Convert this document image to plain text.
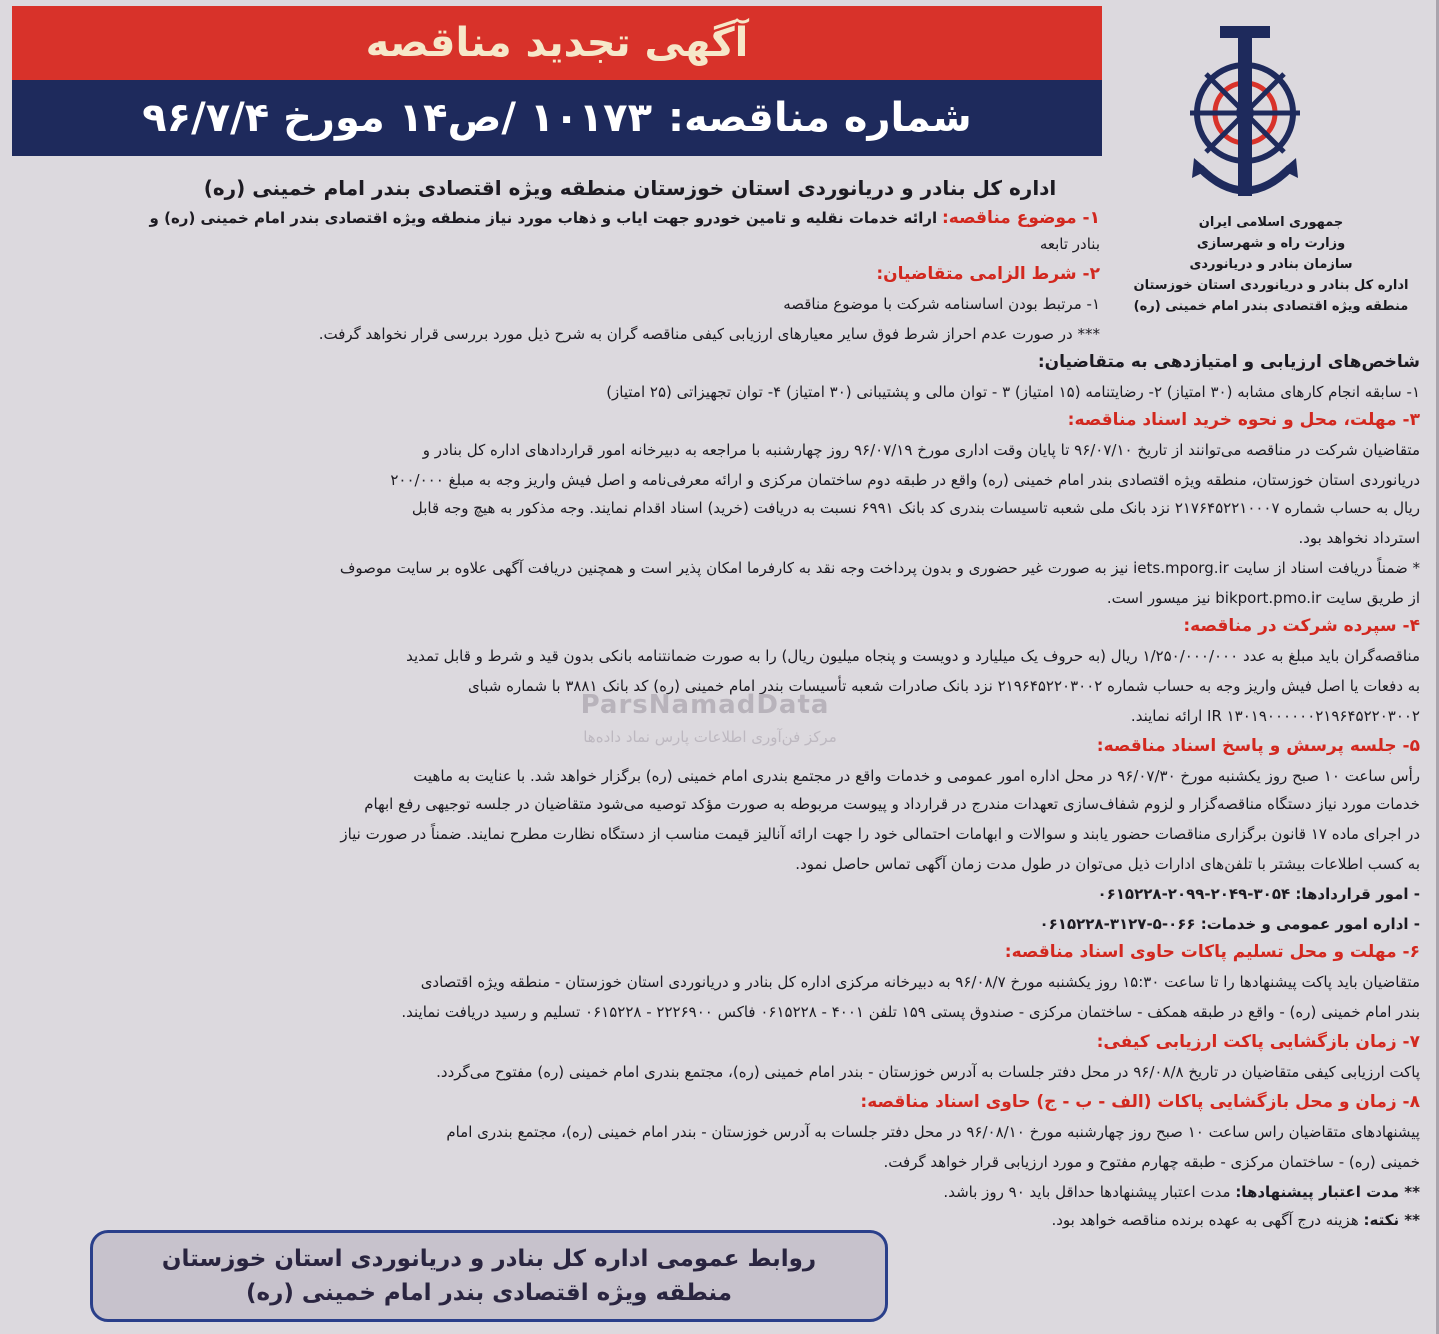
آگهی تجدید مناقصه
شماره مناقصه:
۱۰۱۷۳ /ص۱۴ مورخ ۹۶/۷/۴
جمهوری اسلامی ایران
وزارت راه و شهرسازی
سازمان بنادر و دریانوردی
اداره کل بنادر و دریانوردی استان خوزستان
منطقه ویژه اقتصادی بندر امام خمینی (ره)
اداره کل بنادر و دریانوردی استان خوزستان منطقه ویژه اقتصادی بندر امام خمینی (ره)
۱- موضوع مناقصه: ارائه خدمات نقلیه و تامین خودرو جهت ایاب و ذهاب مورد نیاز منطقه ویژه اقتصادی بندر امام خمینی (ره) و
بنادر تابعه
۲- شرط الزامی متقاضیان:
۱- مرتبط بودن اساسنامه شرکت با موضوع مناقصه
*** در صورت عدم احراز شرط فوق سایر معیارهای ارزیابی کیفی مناقصه گران به شرح ذیل مورد بررسی قرار نخواهد گرفت.
شاخص‌های ارزیابی و امتیازدهی به متقاضیان:
۱- سابقه انجام کارهای مشابه (۳۰ امتیاز) ۲- رضایتنامه (۱۵ امتیاز) ۳ - توان مالی و پشتیبانی (۳۰ امتیاز) ۴- توان تجهیزاتی (۲۵ امتیاز)
۳- مهلت، محل و نحوه خرید اسناد مناقصه:
متقاضیان شرکت در مناقصه می‌توانند از تاریخ ۹۶/۰۷/۱۰ تا پایان وقت اداری مورخ ۹۶/۰۷/۱۹ روز چهارشنبه با مراجعه به دبیرخانه امور قراردادهای اداره کل بنادر و
دریانوردی استان خوزستان، منطقه ویژه اقتصادی بندر امام خمینی (ره) واقع در طبقه دوم ساختمان مرکزی و ارائه معرفی‌نامه و اصل فیش واریز وجه به مبلغ ۲۰۰/۰۰۰
ریال به حساب شماره ۲۱۷۶۴۵۲۲۱۰۰۰۷ نزد بانک ملی شعبه تاسیسات بندری کد بانک ۶۹۹۱ نسبت به دریافت (خرید) اسناد اقدام نمایند. وجه مذکور به هیچ وجه قابل
استرداد نخواهد بود.
* ضمناً دریافت اسناد از سایت iets.mporg.ir نیز به صورت غیر حضوری و بدون پرداخت وجه نقد به کارفرما امکان پذیر است و همچنین دریافت آگهی علاوه بر سایت موصوف
از طریق سایت bikport.pmo.ir نیز میسور است.
۴- سپرده شرکت در مناقصه:
مناقصه‌گران باید مبلغ به عدد ۱/۲۵۰/۰۰۰/۰۰۰ ریال (به حروف یک میلیارد و دویست و پنجاه میلیون ریال) را به صورت ضمانتنامه بانکی بدون قید و شرط و قابل تمدید
به دفعات یا اصل فیش واریز وجه به حساب شماره ۲۱۹۶۴۵۲۲۰۳۰۰۲ نزد بانک صادرات شعبه تأسیسات بندر امام خمینی (ره) کد بانک ۳۸۸۱ با شماره شبای
IR ۱۳۰۱۹۰۰۰۰۰۰۲۱۹۶۴۵۲۲۰۳۰۰۲ ارائه نمایند.
ParsNamadData
مرکز فن‌آوری اطلاعات پارس نماد داده‌ها	۵- جلسه پرسش و پاسخ اسناد مناقصه:
رأس ساعت ۱۰ صبح روز یکشنبه مورخ ۹۶/۰۷/۳۰ در محل اداره امور عمومی و خدمات واقع در مجتمع بندری امام خمینی (ره) برگزار خواهد شد. با عنایت به ماهیت
خدمات مورد نیاز دستگاه مناقصه‌گزار و لزوم شفاف‌سازی تعهدات مندرج در قرارداد و پیوست مربوطه به صورت مؤکد توصیه می‌شود متقاضیان در جلسه توجیهی رفع ابهام
در اجرای ماده ۱۷ قانون برگزاری مناقصات حضور یابند و سوالات و ابهامات احتمالی خود را جهت ارائه آنالیز قیمت مناسب از دستگاه نظارت مطرح نمایند. ضمناً در صورت نیاز
به کسب اطلاعات بیشتر با تلفن‌های ادارات ذیل می‌توان در طول مدت زمان آگهی تماس حاصل نمود.
- امور قراردادها: ۳۰۵۴-۲۰۴۹-۲۰۹۹-۰۶۱۵۲۲۸
- اداره امور عمومی و خدمات: ۰۶۶-۵-۳۱۲۷-۰۶۱۵۲۲۸
۶- مهلت و محل تسلیم پاکات حاوی اسناد مناقصه:
متقاضیان باید پاکت پیشنهادها را تا ساعت ۱۵:۳۰ روز یکشنبه مورخ ۹۶/۰۸/۷ به دبیرخانه مرکزی اداره کل بنادر و دریانوردی استان خوزستان - منطقه ویژه اقتصادی
بندر امام خمینی (ره) - واقع در طبقه همکف - ساختمان مرکزی - صندوق پستی ۱۵۹ تلفن ۴۰۰۱ - ۰۶۱۵۲۲۸ فاکس ۲۲۲۶۹۰۰ - ۰۶۱۵۲۲۸ تسلیم و رسید دریافت نمایند.
۷- زمان بازگشایی پاکت ارزیابی کیفی:
پاکت ارزیابی کیفی متقاضیان در تاریخ ۹۶/۰۸/۸ در محل دفتر جلسات به آدرس خوزستان - بندر امام خمینی (ره)، مجتمع بندری امام خمینی (ره) مفتوح می‌گردد.
۸- زمان و محل بازگشایی پاکات (الف - ب - ج) حاوی اسناد مناقصه:
پیشنهادهای متقاضیان راس ساعت ۱۰ صبح روز چهارشنبه مورخ ۹۶/۰۸/۱۰ در محل دفتر جلسات به آدرس خوزستان - بندر امام خمینی (ره)، مجتمع بندری امام
خمینی (ره) - ساختمان مرکزی - طبقه چهارم مفتوح و مورد ارزیابی قرار خواهد گرفت.
** مدت اعتبار پیشنهادها: مدت اعتبار پیشنهادها حداقل باید ۹۰ روز باشد.
** نکته: هزینه درج آگهی به عهده برنده مناقصه خواهد بود.
روابط عمومی اداره کل بنادر و دریانوردی استان خوزستان
منطقه ویژه اقتصادی بندر امام خمینی (ره)
